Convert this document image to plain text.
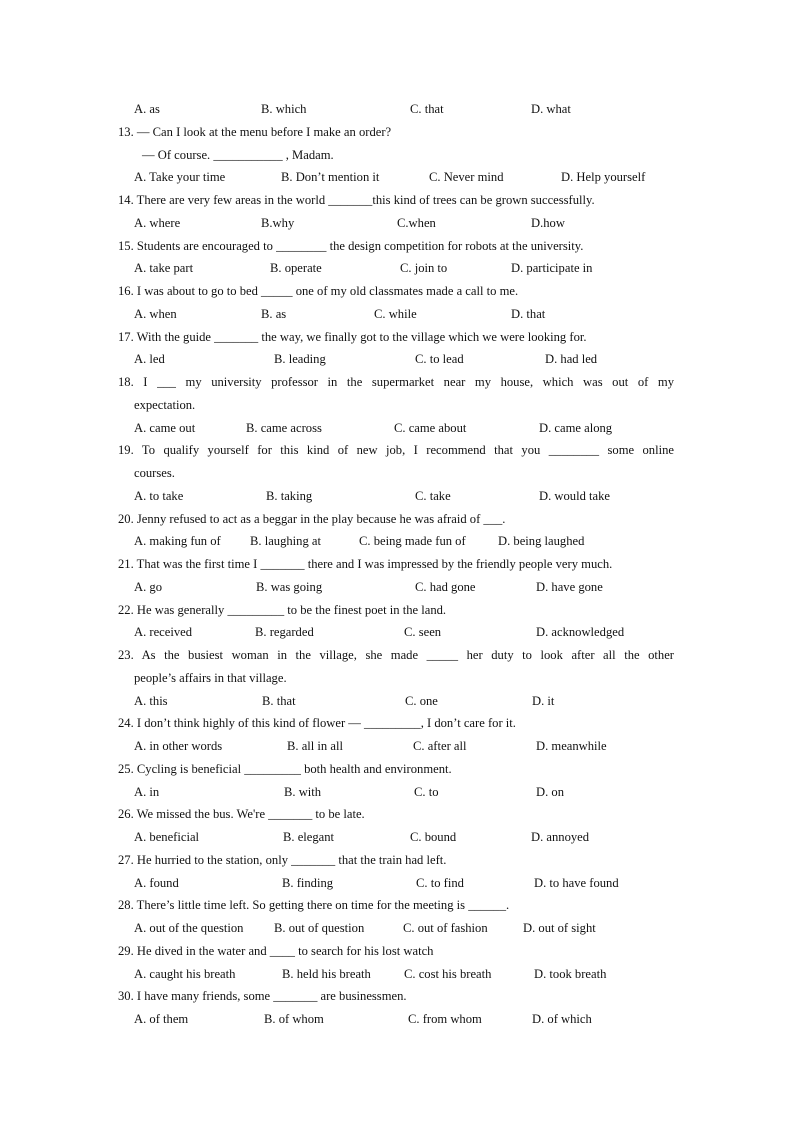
A. as	B. which	C. that	D. what
13. — Can I look at the menu before I make an order?
— Of course. ___________ , Madam.
A. Take your time	B. Don’t mention it	C. Never mind	D. Help yourself
14. There are very few areas in the world _______this kind of trees can be grown successfully.
A. where	B.why	C.when	D.how
15. Students are encouraged to ________ the design competition for robots at the university.
A. take part	B. operate	C. join to	D. participate in
16. I was about to go to bed _____ one of my old classmates made a call to me.
A. when	B. as	C. while	D. that
17. With the guide _______ the way, we finally got to the village which we were looking for.
A. led	B. leading	C. to lead	D. had led
18. I ___ my university professor in the supermarket near my house, which was out of my
expectation.
A. came out	B. came across	C. came about	D. came along
19. To qualify yourself for this kind of new job, I recommend that you ________ some online
courses.
A. to take	B. taking	C. take	D. would take
20. Jenny refused to act as a beggar in the play because he was afraid of ___.
A. making fun of B. laughing at	C. being made fun of	D. being laughed
21. That was the first time I _______ there and I was impressed by the friendly people very much.
A. go	B. was going	C. had gone	D. have gone
22. He was generally _________ to be the finest poet in the land.
A. received	B. regarded	C. seen	D. acknowledged
23. As the busiest woman in the village, she made _____ her duty to look after all the other
people’s affairs in that village.
A. this	B. that	C. one	D. it
24. I don’t think highly of this kind of flower — _________, I don’t care for it.
A. in other words	B. all in all	C. after all	D. meanwhile
25. Cycling is beneficial _________ both health and environment.
A. in	B. with	C. to	D. on
26. We missed the bus. We're _______ to be late.
A. beneficial	B. elegant	C. bound	D. annoyed
27. He hurried to the station, only _______ that the train had left.
A. found	B. finding	C. to find	D. to have found
28. There’s little time left. So getting there on time for the meeting is ______.
A. out of the question B. out of question	C. out of fashion	D. out of sight
29. He dived in the water and ____ to search for his lost watch
A. caught his breath	B. held his breath	C. cost his breath	D. took breath
30. I have many friends, some _______ are businessmen.
A. of them	B. of whom	C. from whom	D. of which
